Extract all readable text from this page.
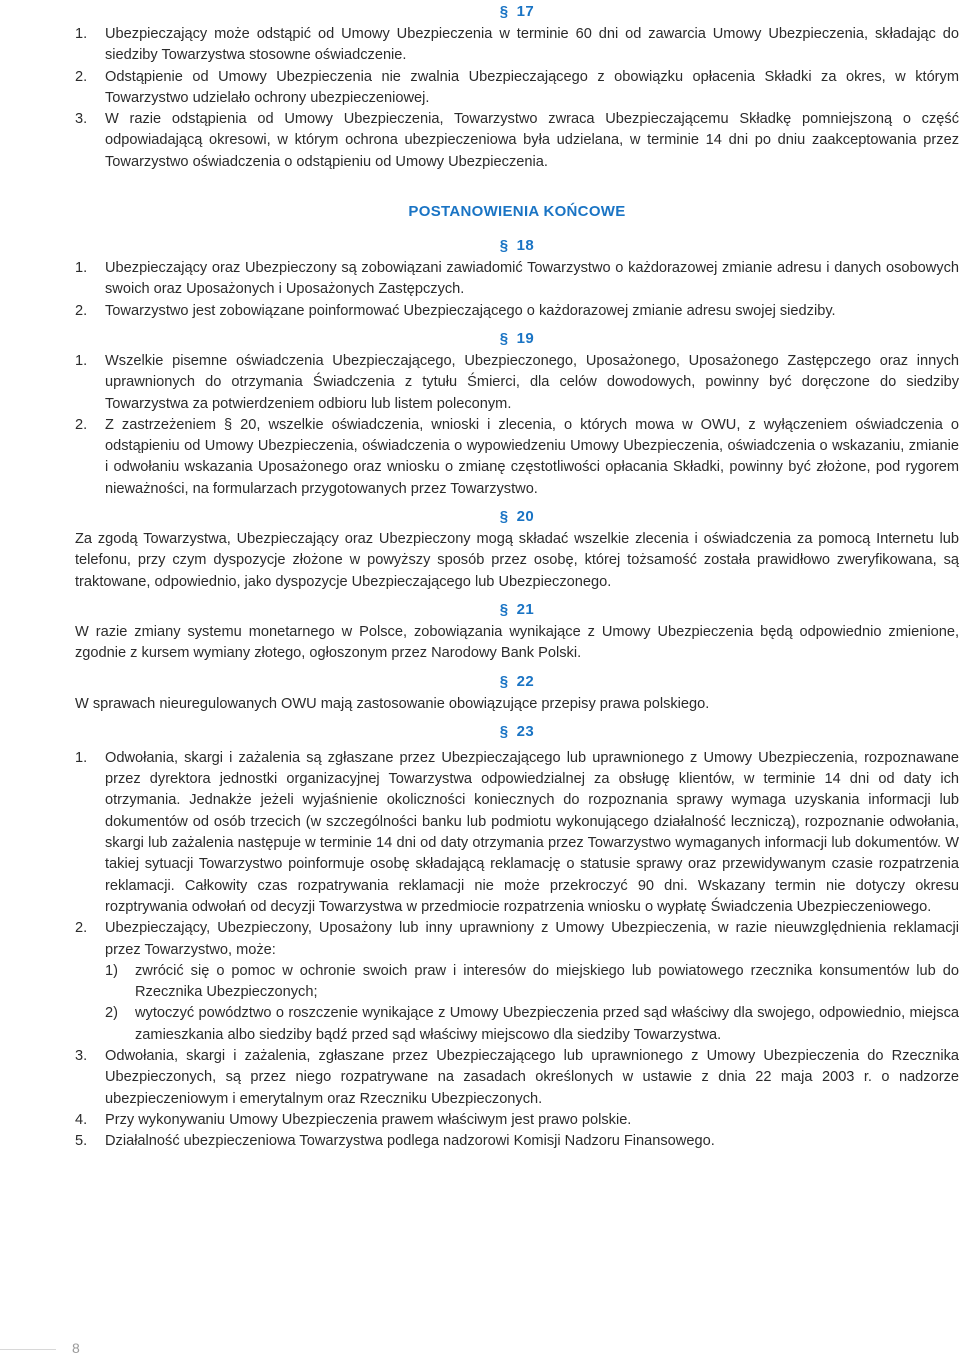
§ 17
1. Ubezpieczający może odstąpić od Umowy Ubezpieczenia w terminie 60 dni od zawarcia Umowy Ubezpieczenia, składając do siedziby Towarzystwa stosowne oświadczenie.
2. Odstąpienie od Umowy Ubezpieczenia nie zwalnia Ubezpieczającego z obowiązku opłacenia Składki za okres, w którym Towarzystwo udzielało ochrony ubezpieczeniowej.
3. W razie odstąpienia od Umowy Ubezpieczenia, Towarzystwo zwraca Ubezpieczającemu Składkę pomniejszoną o część odpowiadającą okresowi, w którym ochrona ubezpieczeniowa była udzielana, w terminie 14 dni po dniu zaakceptowania przez Towarzystwo oświadczenia o odstąpieniu od Umowy Ubezpieczenia.
POSTANOWIENIA KOŃCOWE
§ 18
1. Ubezpieczający oraz Ubezpieczony są zobowiązani zawiadomić Towarzystwo o każdorazowej zmianie adresu i danych osobowych swoich oraz Uposażonych i Uposażonych Zastępczych.
2. Towarzystwo jest zobowiązane poinformować Ubezpieczającego o każdorazowej zmianie adresu swojej siedziby.
§ 19
1. Wszelkie pisemne oświadczenia Ubezpieczającego, Ubezpieczonego, Uposażonego, Uposażonego Zastępczego oraz innych uprawnionych do otrzymania Świadczenia z tytułu Śmierci, dla celów dowodowych, powinny być doręczone do siedziby Towarzystwa za potwierdzeniem odbioru lub listem poleconym.
2. Z zastrzeżeniem § 20, wszelkie oświadczenia, wnioski i zlecenia, o których mowa w OWU, z wyłączeniem oświadczenia o odstąpieniu od Umowy Ubezpieczenia, oświadczenia o wypowiedzeniu Umowy Ubezpieczenia, oświadczenia o wskazaniu, zmianie i odwołaniu wskazania Uposażonego oraz wniosku o zmianę częstotliwości opłacania Składki, powinny być złożone, pod rygorem nieważności, na formularzach przygotowanych przez Towarzystwo.
§ 20

Za zgodą Towarzystwa, Ubezpieczający oraz Ubezpieczony mogą składać wszelkie zlecenia i oświadczenia za pomocą Internetu lub telefonu, przy czym dyspozycje złożone w powyższy sposób przez osobę, której tożsamość została prawidłowo zweryfikowana, są traktowane, odpowiednio, jako dyspozycje Ubezpieczającego lub Ubezpieczonego.

§ 21

W razie zmiany systemu monetarnego w Polsce, zobowiązania wynikające z Umowy Ubezpieczenia będą odpowiednio zmienione, zgodnie z kursem wymiany złotego, ogłoszonym przez Narodowy Bank Polski.

§ 22

W sprawach nieuregulowanych OWU mają zastosowanie obowiązujące przepisy prawa polskiego.

§ 23
1. Odwołania, skargi i zażalenia są zgłaszane przez Ubezpieczającego lub uprawnionego z Umowy Ubezpieczenia, rozpoznawane przez dyrektora jednostki organizacyjnej Towarzystwa odpowiedzialnej za obsługę klientów, w terminie 14 dni od daty ich otrzymania. Jednakże jeżeli wyjaśnienie okoliczności koniecznych do rozpoznania sprawy wymaga uzyskania informacji lub dokumentów od osób trzecich (w szczególności banku lub podmiotu wykonującego działalność leczniczą), rozpoznanie odwołania, skargi lub zażalenia następuje w terminie 14 dni od daty otrzymania przez Towarzystwo wymaganych informacji lub dokumentów. W takiej sytuacji Towarzystwo poinformuje osobę składającą reklamację o statusie sprawy oraz przewidywanym czasie rozpatrzenia reklamacji. Całkowity czas rozpatrywania reklamacji nie może przekroczyć 90 dni. Wskazany termin nie dotyczy okresu rozptrywania odwołań od decyzji Towarzystwa w przedmiocie rozpatrzenia wniosku o wypłatę Świadczenia Ubezpieczeniowego.
2. Ubezpieczający, Ubezpieczony, Uposażony lub inny uprawniony z Umowy Ubezpieczenia, w razie nieuwzględnienia reklamacji przez Towarzystwo, może:
1) zwrócić się o pomoc w ochronie swoich praw i interesów do miejskiego lub powiatowego rzecznika konsumentów lub do Rzecznika Ubezpieczonych;
2) wytoczyć powództwo o roszczenie wynikające z Umowy Ubezpieczenia przed sąd właściwy dla swojego, odpowiednio, miejsca zamieszkania albo siedziby bądź przed sąd właściwy miejscowo dla siedziby Towarzystwa.
3. Odwołania, skargi i zażalenia, zgłaszane przez Ubezpieczającego lub uprawnionego z Umowy Ubezpieczenia do Rzecznika Ubezpieczonych, są przez niego rozpatrywane na zasadach określonych w ustawie z dnia 22 maja 2003 r. o nadzorze ubezpieczeniowym i emerytalnym oraz Rzeczniku Ubezpieczonych.
4. Przy wykonywaniu Umowy Ubezpieczenia prawem właściwym jest prawo polskie.
5. Działalność ubezpieczeniowa Towarzystwa podlega nadzorowi Komisji Nadzoru Finansowego.
8
